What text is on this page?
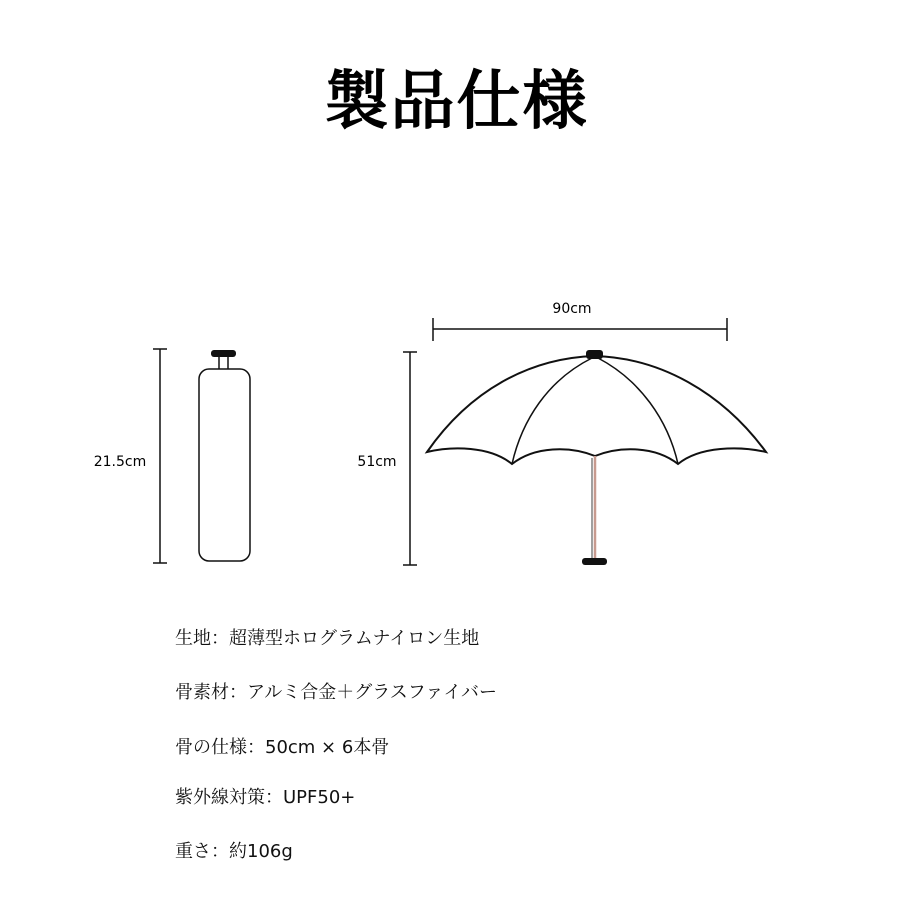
製品仕様
21.5cm	51cm
90cm
生地：超薄型ホログラムナイロン生地
骨素材：アルミ合金＋グラスファイバー
骨の仕様：50cm × 6本骨
紫外線対策：UPF50+
重さ：約106g
